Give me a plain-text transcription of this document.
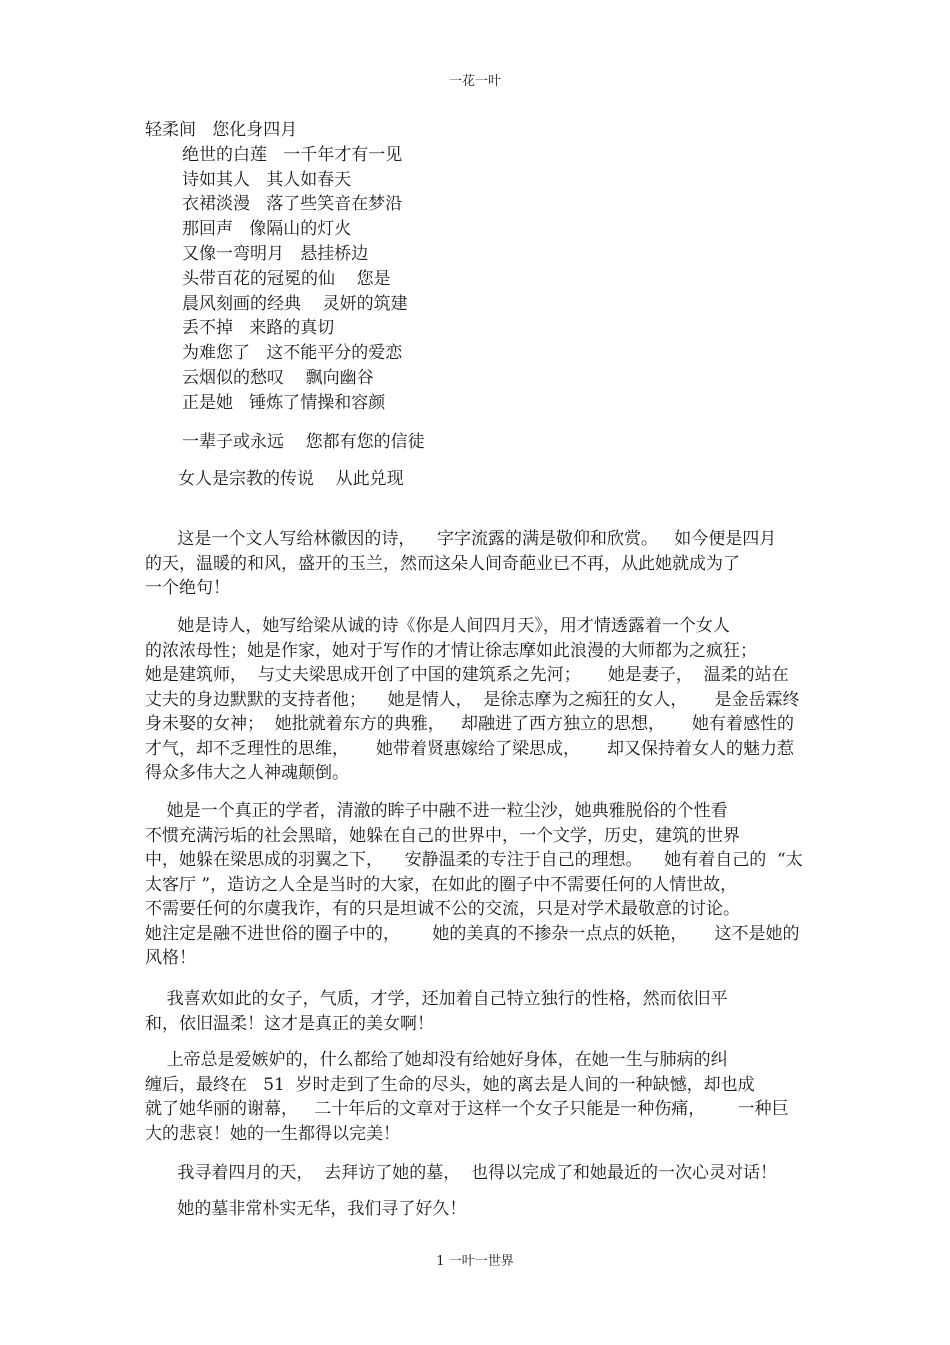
一花一叶
轻柔间   您化身四月
绝世的白莲   一千年才有一见
诗如其人   其人如春天
衣裙淡漫   落了些笑音在梦沿
那回声   像隔山的灯火
又像一弯明月   悬挂桥边
头带百花的冠冕的仙    您是
晨风刻画的经典    灵妍的筑建
丢不掉   来路的真切
为难您了   这不能平分的爱恋
云烟似的愁叹    飘向幽谷
正是她   锤炼了情操和容颜
一辈子或永远    您都有您的信徒
女人是宗教的传说    从此兑现
这是一个文人写给林徽因的诗，    字字流露的满是敬仰和欣赏。   如今便是四月
的天，温暖的和风，盛开的玉兰，然而这朵人间奇葩业已不再，从此她就成为了
一个绝句！
她是诗人，她写给梁从诚的诗《你是人间四月天》，用才情透露着一个女人
的浓浓母性；她是作家，她对于写作的才情让徐志摩如此浪漫的大师都为之疯狂；
她是建筑师，  与丈夫梁思成开创了中国的建筑系之先河；     她是妻子，  温柔的站在
丈夫的身边默默的支持者他；    她是情人，  是徐志摩为之痴狂的女人，     是金岳霖终
身未娶的女神；  她批就着东方的典雅，   却融进了西方独立的思想，     她有着感性的
才气，却不乏理性的思维，     她带着贤惠嫁给了梁思成，     却又保持着女人的魅力惹
得众多伟大之人神魂颠倒。
她是一个真正的学者，清澈的眸子中融不进一粒尘沙，她典雅脱俗的个性看
不惯充满污垢的社会黑暗，她躲在自己的世界中，一个文学，历史，建筑的世界
中，她躲在梁思成的羽翼之下，    安静温柔的专注于自己的理想。    她有着自己的  “太
太客厅 ”，造访之人全是当时的大家，在如此的圈子中不需要任何的人情世故，
不需要任何的尔虞我诈，有的只是坦诚不公的交流，只是对学术最敬意的讨论。
她注定是融不进世俗的圈子中的，      她的美真的不掺杂一点点的妖艳，     这不是她的
风格！
我喜欢如此的女子，气质，才学，还加着自己特立独行的性格，然而依旧平
和，依旧温柔！这才是真正的美女啊！
上帝总是爱嫉妒的，什么都给了她却没有给她好身体，在她一生与肺病的纠
缠后，最终在   51  岁时走到了生命的尽头，她的离去是人间的一种缺憾，却也成
就了她华丽的谢幕，   二十年后的文章对于这样一个女子只能是一种伤痛，      一种巨
大的悲哀！她的一生都得以完美！
我寻着四月的天，  去拜访了她的墓，  也得以完成了和她最近的一次心灵对话！
她的墓非常朴实无华，我们寻了好久！
1 一叶一世界
